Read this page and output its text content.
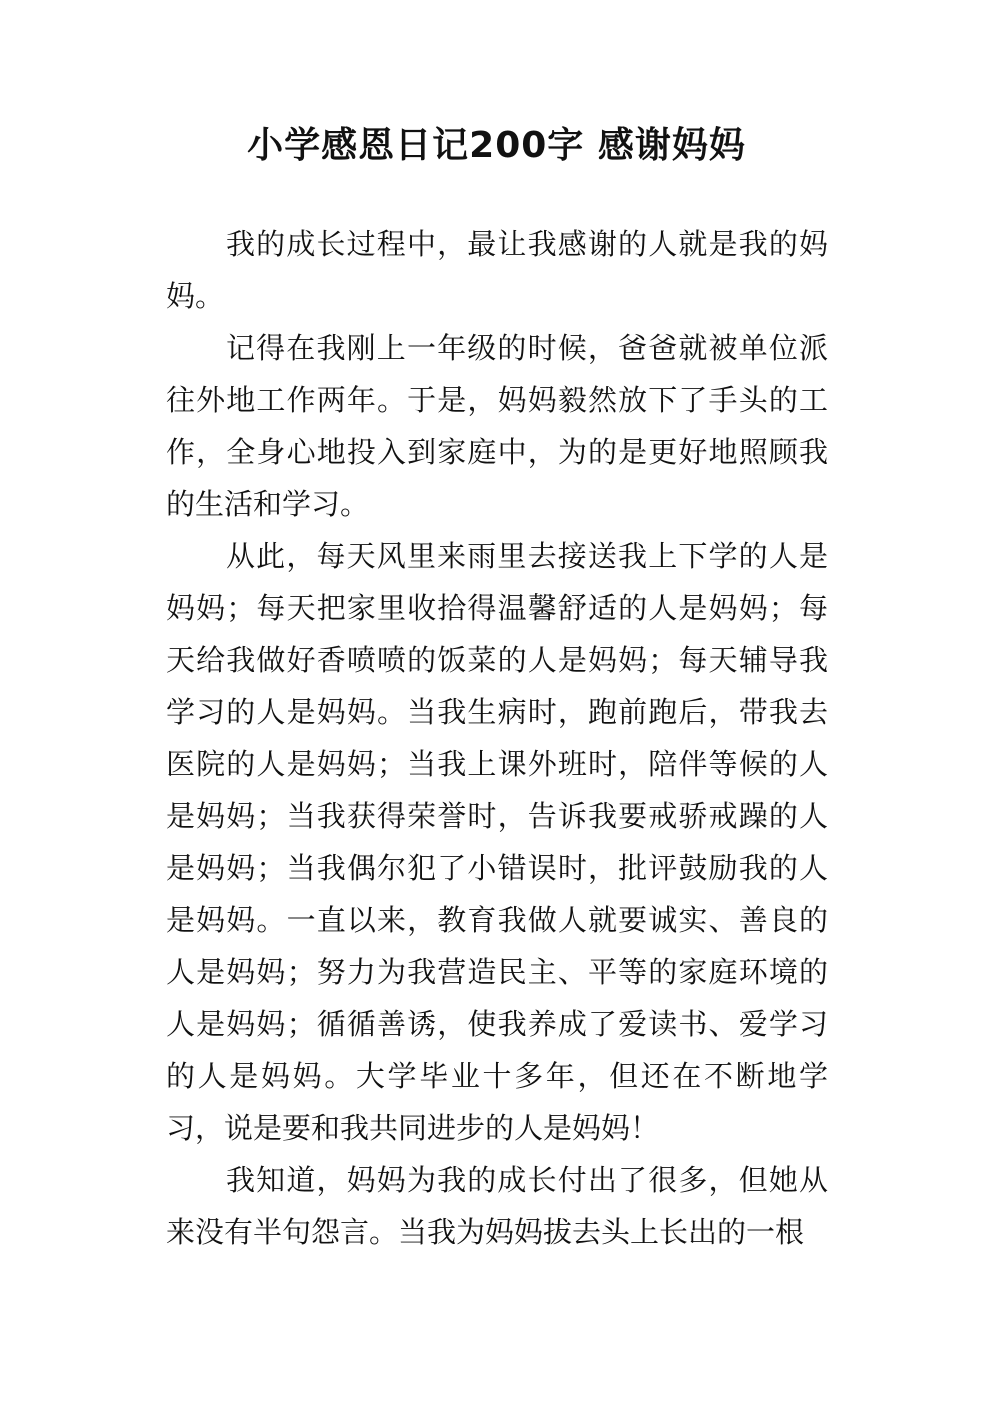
小学感恩日记200字 感谢妈妈

我的成长过程中，最让我感谢的人就是我的妈妈。

记得在我刚上一年级的时候，爸爸就被单位派往外地工作两年。于是，妈妈毅然放下了手头的工作，全身心地投入到家庭中，为的是更好地照顾我的生活和学习。

从此，每天风里来雨里去接送我上下学的人是妈妈；每天把家里收拾得温馨舒适的人是妈妈；每天给我做好香喷喷的饭菜的人是妈妈；每天辅导我学习的人是妈妈。当我生病时，跑前跑后，带我去医院的人是妈妈；当我上课外班时，陪伴等候的人是妈妈；当我获得荣誉时，告诉我要戒骄戒躁的人是妈妈；当我偶尔犯了小错误时，批评鼓励我的人是妈妈。一直以来，教育我做人就要诚实、善良的人是妈妈；努力为我营造民主、平等的家庭环境的人是妈妈；循循善诱，使我养成了爱读书、爱学习的人是妈妈。大学毕业十多年，但还在不断地学习，说是要和我共同进步的人是妈妈！

我知道，妈妈为我的成长付出了很多，但她从来没有半句怨言。当我为妈妈拔去头上长出的一根
